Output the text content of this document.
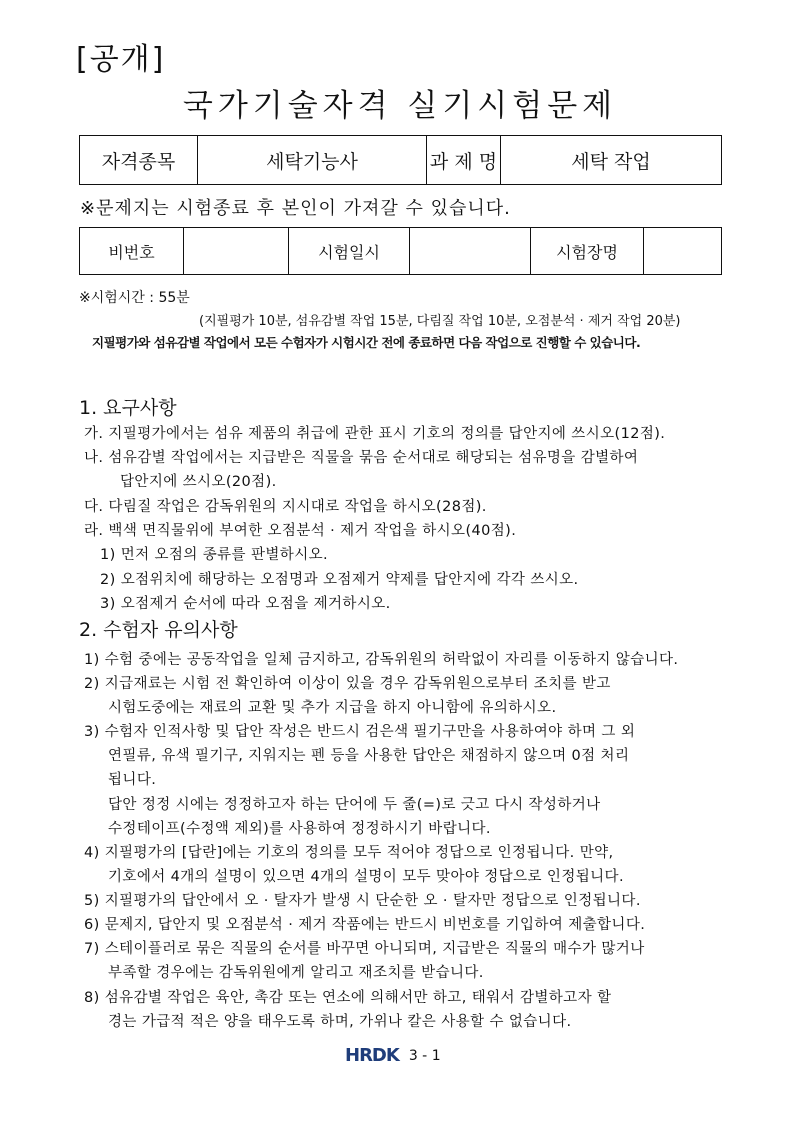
[공개]
국가기술자격 실기시험문제
자격종목	세탁기능사	과 제 명	세탁 작업
※문제지는 시험종료 후 본인이 가져갈 수 있습니다.
비번호		시험일시		시험장명	
※시험시간 : 55분
(지필평가 10분, 섬유감별 작업 15분, 다림질 작업 10분, 오점분석 · 제거 작업 20분)
지필평가와 섬유감별 작업에서 모든 수험자가 시험시간 전에 종료하면 다음 작업으로 진행할 수 있습니다.
1. 요구사항
가. 지필평가에서는 섬유 제품의 취급에 관한 표시 기호의 정의를 답안지에 쓰시오(12점).
나. 섬유감별 작업에서는 지급받은 직물을 묶음 순서대로 해당되는 섬유명을 감별하여
답안지에 쓰시오(20점).
다. 다림질 작업은 감독위원의 지시대로 작업을 하시오(28점).
라. 백색 면직물위에 부여한 오점분석 · 제거 작업을 하시오(40점).
1) 먼저 오점의 종류를 판별하시오.
2) 오점위치에 해당하는 오점명과 오점제거 약제를 답안지에 각각 쓰시오.
3) 오점제거 순서에 따라 오점을 제거하시오.
2. 수험자 유의사항
1) 수험 중에는 공동작업을 일체 금지하고, 감독위원의 허락없이 자리를 이동하지 않습니다.
2) 지급재료는 시험 전 확인하여 이상이 있을 경우 감독위원으로부터 조치를 받고
시험도중에는 재료의 교환 및 추가 지급을 하지 아니함에 유의하시오.
3) 수험자 인적사항 및 답안 작성은 반드시 검은색 필기구만을 사용하여야 하며 그 외
연필류, 유색 필기구, 지워지는 펜 등을 사용한 답안은 채점하지 않으며 0점 처리
됩니다.
답안 정정 시에는 정정하고자 하는 단어에 두 줄(=)로 긋고 다시 작성하거나
수정테이프(수정액 제외)를 사용하여 정정하시기 바랍니다.
4) 지필평가의 [답란]에는 기호의 정의를 모두 적어야 정답으로 인정됩니다. 만약,
기호에서 4개의 설명이 있으면 4개의 설명이 모두 맞아야 정답으로 인정됩니다.
5) 지필평가의 답안에서 오 · 탈자가 발생 시 단순한 오 · 탈자만 정답으로 인정됩니다.
6) 문제지, 답안지 및 오점분석 · 제거 작품에는 반드시 비번호를 기입하여 제출합니다.
7) 스테이플러로 묶은 직물의 순서를 바꾸면 아니되며, 지급받은 직물의 매수가 많거나
부족할 경우에는 감독위원에게 알리고 재조치를 받습니다.
8) 섬유감별 작업은 육안, 촉감 또는 연소에 의해서만 하고, 태워서 감별하고자 할
경는 가급적 적은 양을 태우도록 하며, 가위나 칼은 사용할 수 없습니다.
HRDK 3 - 1
